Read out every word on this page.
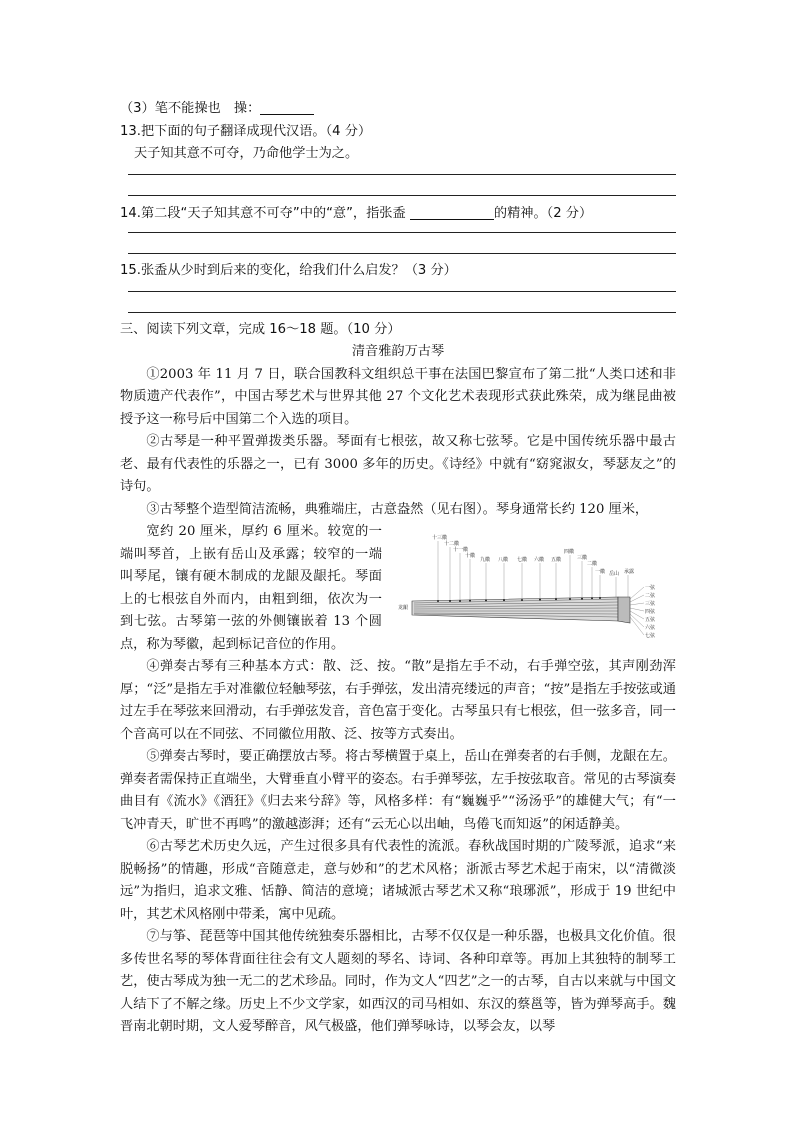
（3）笔不能操也　操：
13.把下面的句子翻译成现代汉语。（4 分）
天子知其意不可夺，乃命他学士为之。
14.第二段“天子知其意不可夺”中的“意”，指张盉	的精神。（2 分）
15.张盉从少时到后来的变化，给我们什么启发？（3 分）
三、阅读下列文章，完成 16～18 题。（10 分）
清音雅韵万古琴

①2003 年 11 月 7 日，联合国教科文组织总干事在法国巴黎宣布了第二批“人类口述和非物质遗产代表作”，中国古琴艺术与世界其他 27 个文化艺术表现形式获此殊荣，成为继昆曲被授予这一称号后中国第二个入选的项目。

②古琴是一种平置弹拨类乐器。琴面有七根弦，故又称七弦琴。它是中国传统乐器中最古老、最有代表性的乐器之一，已有 3000 多年的历史。《诗经》中就有“窈窕淑女，琴瑟友之”的诗句。

③古琴整个造型简洁流畅，典雅端庄，古意盎然（见右图）。琴身通常长约 120 厘米，

宽约 20 厘米，厚约 6 厘米。较宽的一端叫琴首，上嵌有岳山及承露；较窄的一端叫琴尾，镶有硬木制成的龙龈及龈托。琴面上的七根弦自外而内，由粗到细，依次为一到七弦。古琴第一弦的外侧镶嵌着 13 个圆点，称为琴徽，起到标记音位的作用。

十三徽
十二徽
十一徽
十徽
九徽 八徽 七徽 六徽 五徽
四徽
三徽
二徽
一徽 岳山 承露
龙龈
一弦
二弦
三弦
四弦
五弦
六弦
七弦

④弹奏古琴有三种基本方式：散、泛、按。“散”是指左手不动，右手弹空弦，其声刚劲浑厚；“泛”是指左手对准徽位轻触琴弦，右手弹弦，发出清亮缕远的声音；“按”是指左手按弦或通过左手在琴弦来回滑动，右手弹弦发音，音色富于变化。古琴虽只有七根弦，但一弦多音，同一个音高可以在不同弦、不同徽位用散、泛、按等方式奏出。

⑤弹奏古琴时，要正确摆放古琴。将古琴横置于桌上，岳山在弹奏者的右手侧，龙龈在左。弹奏者需保持正直端坐，大臂垂直小臂平的姿态。右手弹琴弦，左手按弦取音。常见的古琴演奏曲目有《流水》《酒狂》《归去来兮辞》等，风格多样：有“巍巍乎”“汤汤乎”的雄健大气；有“一飞冲青天，旷世不再鸣”的激越澎湃；还有“云无心以出岫，鸟倦飞而知返”的闲适静美。

⑥古琴艺术历史久远，产生过很多具有代表性的流派。春秋战国时期的广陵琴派，追求“来脱畅扬”的情趣，形成“音随意走，意与妙和”的艺术风格；浙派古琴艺术起于南宋，以“清微淡远”为指归，追求文雅、恬静、简洁的意境；诸城派古琴艺术又称“琅琊派”，形成于 19 世纪中叶，其艺术风格刚中带柔，寓中见疏。

⑦与筝、琵琶等中国其他传统独奏乐器相比，古琴不仅仅是一种乐器，也极具文化价值。很多传世名琴的琴体背面往往会有文人题刻的琴名、诗词、各种印章等。再加上其独特的制琴工艺，使古琴成为独一无二的艺术珍品。同时，作为文人“四艺”之一的古琴，自古以来就与中国文人结下了不解之缘。历史上不少文学家，如西汉的司马相如、东汉的蔡邕等，皆为弹琴高手。魏晋南北朝时期，文人爱琴醉音，风气极盛，他们弹琴咏诗，以琴会友，以琴
